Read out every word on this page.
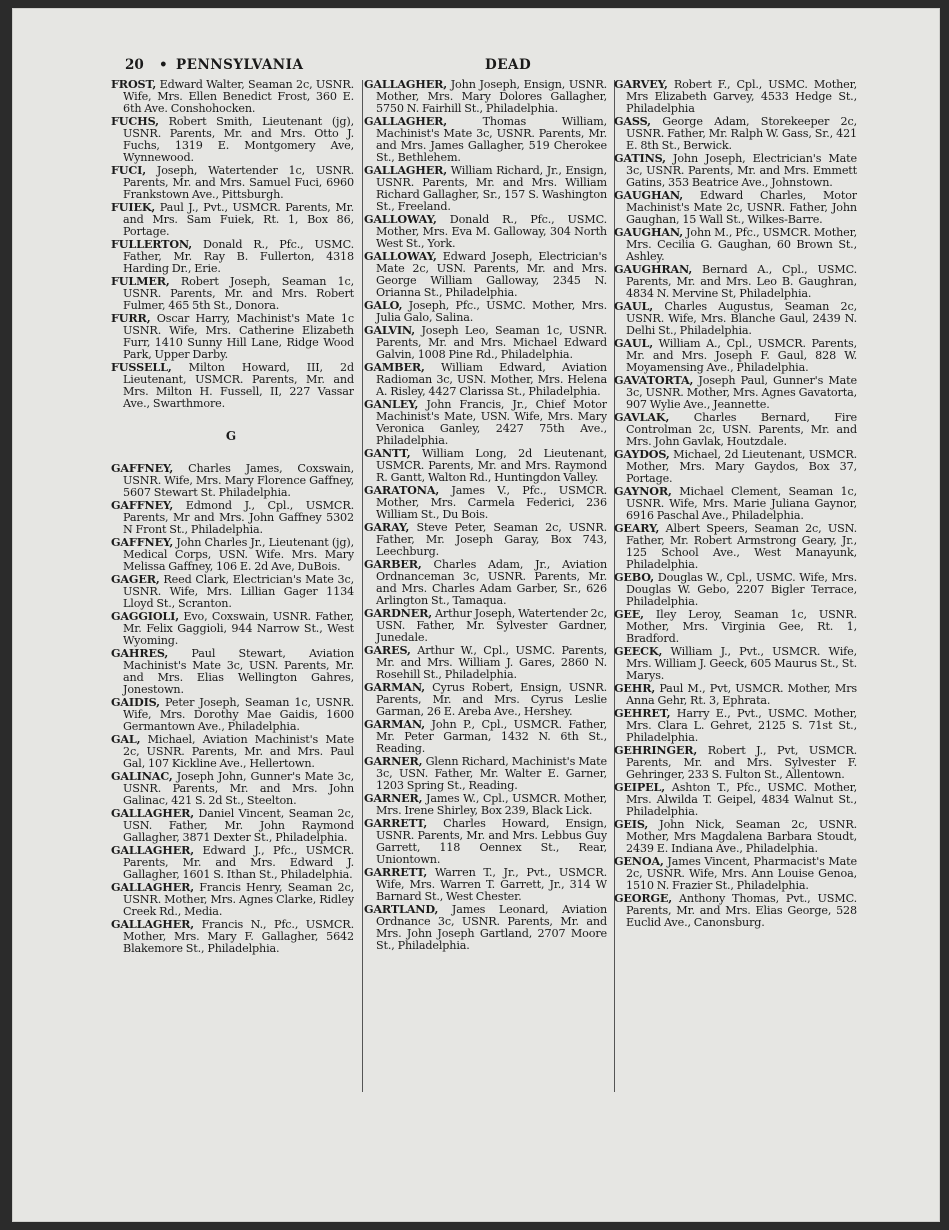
20 • PENNSYLVANIA	DEAD

FROST, Edward Walter, Seaman 2c, USNR. Wife, Mrs. Ellen Benedict Frost, 360 E. 6th Ave. Conshohocken.

FUCHS, Robert Smith, Lieutenant (jg), USNR. Parents, Mr. and Mrs. Otto J. Fuchs, 1319 E. Montgomery Ave, Wynnewood.

FUCI, Joseph, Watertender 1c, USNR. Parents, Mr. and Mrs. Samuel Fuci, 6960 Frankstown Ave., Pittsburgh.

FUIEK, Paul J., Pvt., USMCR. Parents, Mr. and Mrs. Sam Fuiek, Rt. 1, Box 86, Portage.

FULLERTON, Donald R., Pfc., USMC. Father, Mr. Ray B. Fullerton, 4318 Harding Dr., Erie.

FULMER, Robert Joseph, Seaman 1c, USNR. Parents, Mr. and Mrs. Robert Fulmer, 465 5th St., Donora.

FURR, Oscar Harry, Machinist's Mate 1c USNR. Wife, Mrs. Catherine Elizabeth Furr, 1410 Sunny Hill Lane, Ridge Wood Park, Upper Darby.

FUSSELL, Milton Howard, III, 2d Lieutenant, USMCR. Parents, Mr. and Mrs. Milton H. Fussell, II, 227 Vassar Ave., Swarthmore.

G

GAFFNEY, Charles James, Coxswain, USNR. Wife, Mrs. Mary Florence Gaffney, 5607 Stewart St. Philadelphia.

GAFFNEY, Edmond J., Cpl., USMCR. Parents, Mr and Mrs. John Gaffney 5302 N Front St., Philadelphia.

GAFFNEY, John Charles Jr., Lieutenant (jg), Medical Corps, USN. Wife. Mrs. Mary Melissa Gaffney, 106 E. 2d Ave, DuBois.

GAGER, Reed Clark, Electrician's Mate 3c, USNR. Wife, Mrs. Lillian Gager 1134 Lloyd St., Scranton.

GAGGIOLI, Evo, Coxswain, USNR. Father, Mr. Felix Gaggioli, 944 Narrow St., West Wyoming.

GAHRES, Paul Stewart, Aviation Machinist's Mate 3c, USN. Parents, Mr. and Mrs. Elias Wellington Gahres, Jonestown.

GAIDIS, Peter Joseph, Seaman 1c, USNR. Wife, Mrs. Dorothy Mae Gaidis, 1600 Germantown Ave., Philadelphia.

GAL, Michael, Aviation Machinist's Mate 2c, USNR. Parents, Mr. and Mrs. Paul Gal, 107 Kickline Ave., Hellertown.

GALINAC, Joseph John, Gunner's Mate 3c, USNR. Parents, Mr. and Mrs. John Galinac, 421 S. 2d St., Steelton.

GALLAGHER, Daniel Vincent, Seaman 2c, USN. Father, Mr. John Raymond Gallagher, 3871 Dexter St., Philadelphia.

GALLAGHER, Edward J., Pfc., USMCR. Parents, Mr. and Mrs. Edward J. Gallagher, 1601 S. Ithan St., Philadelphia.

GALLAGHER, Francis Henry, Seaman 2c, USNR. Mother, Mrs. Agnes Clarke, Ridley Creek Rd., Media.

GALLAGHER, Francis N., Pfc., USMCR. Mother, Mrs. Mary F. Gallagher, 5642 Blakemore St., Philadelphia.

GALLAGHER, John Joseph, Ensign, USNR. Mother, Mrs. Mary Dolores Gallagher, 5750 N. Fairhill St., Philadelphia.

GALLAGHER,	Thomas William, Machinist's Mate 3c, USNR. Parents, Mr. and Mrs. James Gallagher, 519 Cherokee St., Bethlehem.

GALLAGHER, William Richard, Jr., Ensign, USNR. Parents, Mr. and Mrs. William Richard Gallagher, Sr., 157 S. Washington St., Freeland.

GALLOWAY, Donald R., Pfc., USMC. Mother, Mrs. Eva M. Galloway, 304 North West St., York.

GALLOWAY, Edward Joseph, Electrician's Mate 2c, USN. Parents, Mr. and Mrs. George William Galloway, 2345 N. Orianna St., Philadelphia.

GALO, Joseph, Pfc., USMC. Mother, Mrs. Julia Galo, Salina.

GALVIN, Joseph Leo, Seaman 1c, USNR. Parents, Mr. and Mrs. Michael Edward Galvin, 1008 Pine Rd., Philadelphia.

GAMBER, William Edward, Aviation Radioman 3c, USN. Mother, Mrs. Helena A. Risley, 4427 Clarissa St., Philadelphia.

GANLEY, John Francis, Jr., Chief Motor Machinist's Mate, USN. Wife, Mrs. Mary Veronica Ganley, 2427 75th Ave., Philadelphia.

GANTT, William Long, 2d Lieutenant, USMCR. Parents, Mr. and Mrs. Raymond R. Gantt, Walton Rd., Huntingdon Valley.

GARATONA, James V., Pfc., USMCR. Mother, Mrs. Carmela Federici, 236 William St., Du Bois.

GARAY, Steve Peter, Seaman 2c, USNR. Father, Mr. Joseph Garay, Box 743, Leechburg.

GARBER, Charles Adam, Jr., Aviation Ordnanceman 3c, USNR. Parents, Mr. and Mrs. Charles Adam Garber, Sr., 626 Arlington St., Tamaqua.

GARDNER, Arthur Joseph, Watertender 2c, USN. Father, Mr. Sylvester Gardner, Junedale.

GARES, Arthur W., Cpl., USMC. Parents, Mr. and Mrs. William J. Gares, 2860 N. Rosehill St., Philadelphia.

GARMAN, Cyrus Robert, Ensign, USNR. Parents, Mr. and Mrs. Cyrus Leslie Garman, 26 E. Areba Ave., Hershey.

GARMAN, John P., Cpl., USMCR. Father, Mr. Peter Garman, 1432 N. 6th St., Reading.

GARNER, Glenn Richard, Machinist's Mate 3c, USN. Father, Mr. Walter E. Garner, 1203 Spring St., Reading.

GARNER, James W., Cpl., USMCR. Mother, Mrs. Irene Shirley, Box 239, Black Lick.

GARRETT, Charles Howard, Ensign, USNR. Parents, Mr. and Mrs. Lebbus Guy Garrett, 118 Oennex St., Rear, Uniontown.

GARRETT, Warren T., Jr., Pvt., USMCR. Wife, Mrs. Warren T. Garrett, Jr., 314 W Barnard St., West Chester.

GARTLAND, James Leonard, Aviation Ordnance 3c, USNR. Parents, Mr. and Mrs. John Joseph Gartland, 2707 Moore St., Philadelphia.

GARVEY, Robert F., Cpl., USMC. Mother, Mrs Elizabeth Garvey, 4533 Hedge St., Philadelphia

GASS, George Adam, Storekeeper 2c, USNR. Father, Mr. Ralph W. Gass, Sr., 421 E. 8th St., Berwick.

GATINS, John Joseph, Electrician's Mate 3c, USNR. Parents, Mr. and Mrs. Emmett Gatins, 353 Beatrice Ave., Johnstown.

GAUGHAN, Edward Charles, Motor Machinist's Mate 2c, USNR. Father, John Gaughan, 15 Wall St., Wilkes-Barre.

GAUGHAN, John M., Pfc., USMCR. Mother, Mrs. Cecilia G. Gaughan, 60 Brown St., Ashley.

GAUGHRAN, Bernard A., Cpl., USMC. Parents, Mr. and Mrs. Leo B. Gaughran, 4834 N. Mervine St, Philadelphia.

GAUL, Charles Augustus, Seaman 2c, USNR. Wife, Mrs. Blanche Gaul, 2439 N. Delhi St., Philadelphia.

GAUL, William A., Cpl., USMCR. Parents, Mr. and Mrs. Joseph F. Gaul, 828 W. Moyamensing Ave., Philadelphia.

GAVATORTA, Joseph Paul, Gunner's Mate 3c, USNR. Mother, Mrs. Agnes Gavatorta, 907 Wylie Ave., Jeannette.

GAVLAK, Charles Bernard, Fire Controlman 2c, USN. Parents, Mr. and Mrs. John Gavlak, Houtzdale.

GAYDOS, Michael, 2d Lieutenant, USMCR. Mother, Mrs. Mary Gaydos, Box 37, Portage.

GAYNOR, Michael Clement, Seaman 1c, USNR. Wife, Mrs. Marie Juliana Gaynor, 6916 Paschal Ave., Philadelphia.

GEARY, Albert Speers, Seaman 2c, USN. Father, Mr. Robert Armstrong Geary, Jr., 125 School Ave., West Manayunk, Philadelphia.

GEBO, Douglas W., Cpl., USMC. Wife, Mrs. Douglas W. Gebo, 2207 Bigler Terrace, Philadelphia.

GEE, Iley Leroy, Seaman 1c, USNR. Mother, Mrs. Virginia Gee, Rt. 1, Bradford.

GEECK, William J., Pvt., USMCR. Wife, Mrs. William J. Geeck, 605 Maurus St., St. Marys.

GEHR, Paul M., Pvt, USMCR. Mother, Mrs Anna Gehr, Rt. 3, Ephrata.

GEHRET, Harry E., Pvt., USMC. Mother, Mrs. Clara L. Gehret, 2125 S. 71st St., Philadelphia.

GEHRINGER, Robert J., Pvt, USMCR. Parents, Mr. and Mrs. Sylvester F. Gehringer, 233 S. Fulton St., Allentown.

GEIPEL, Ashton T., Pfc., USMC. Mother, Mrs. Alwilda T. Geipel, 4834 Walnut St., Philadelphia.

GEIS, John Nick, Seaman 2c, USNR. Mother, Mrs Magdalena Barbara Stoudt, 2439 E. Indiana Ave., Philadelphia.

GENOA, James Vincent, Pharmacist's Mate 2c, USNR. Wife, Mrs. Ann Louise Genoa, 1510 N. Frazier St., Philadelphia.

GEORGE, Anthony Thomas, Pvt., USMC. Parents, Mr. and Mrs. Elias George, 528 Euclid Ave., Canonsburg.
